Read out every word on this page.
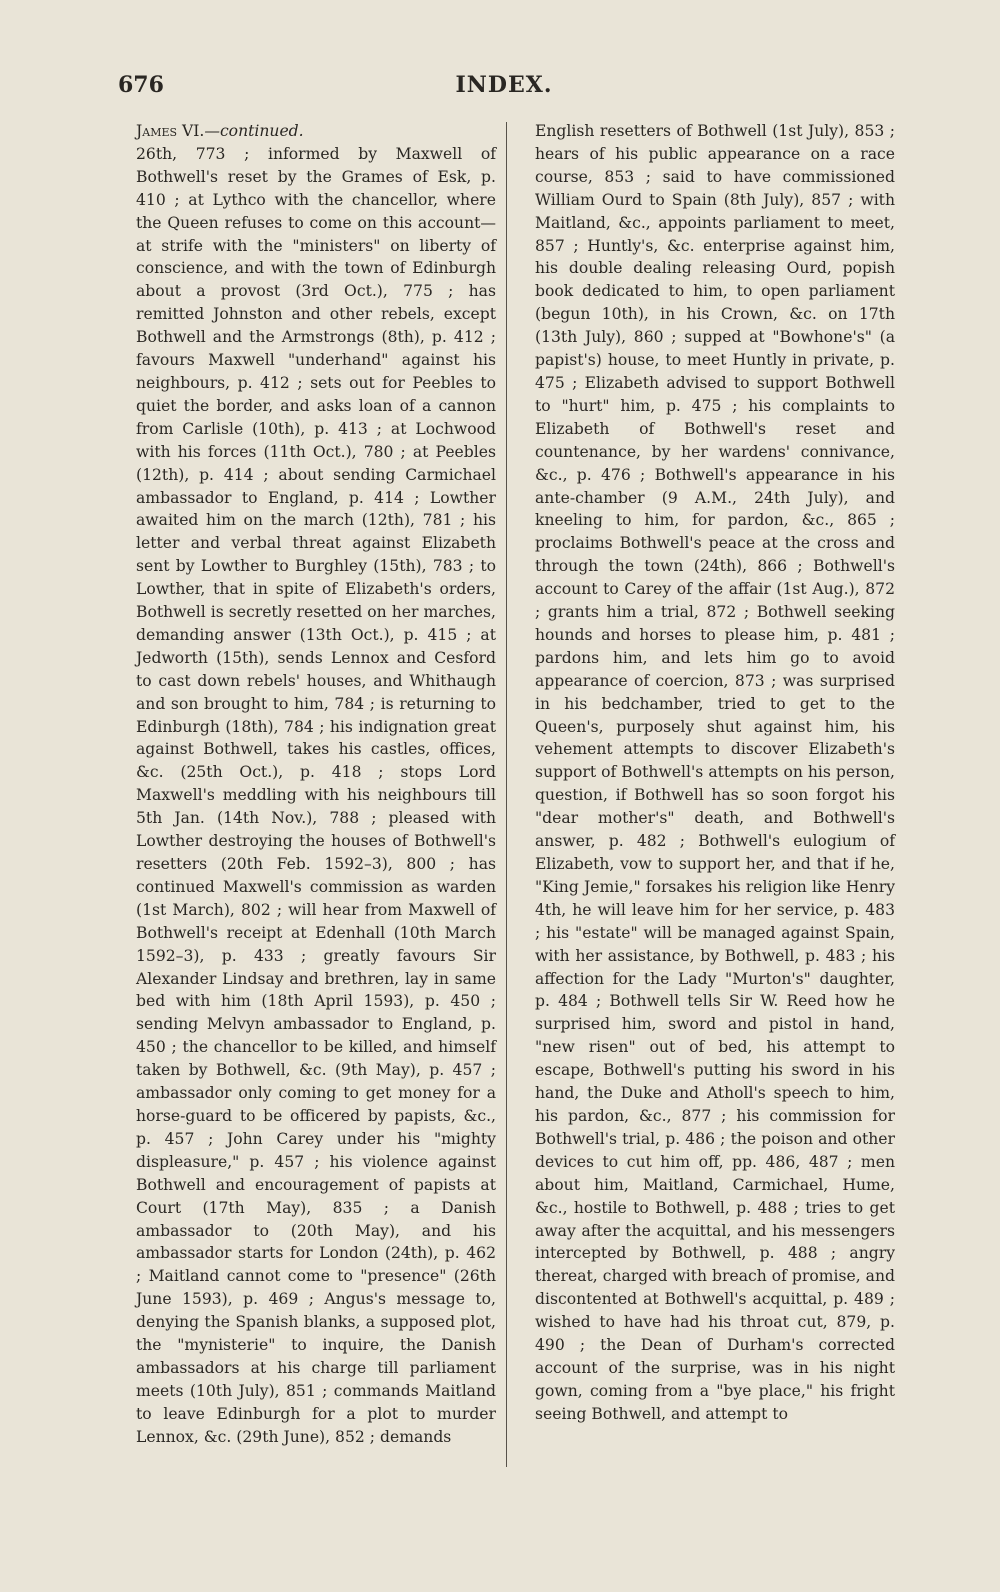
676	INDEX.

James VI.—continued.

26th, 773 ; informed by Maxwell of Bothwell's reset by the Grames of Esk, p. 410 ; at Lythco with the chancellor, where the Queen refuses to come on this account—at strife with the "ministers" on liberty of conscience, and with the town of Edinburgh about a provost (3rd Oct.), 775 ; has remitted Johnston and other rebels, except Bothwell and the Armstrongs (8th), p. 412 ; favours Maxwell "underhand" against his neighbours, p. 412 ; sets out for Peebles to quiet the border, and asks loan of a cannon from Carlisle (10th), p. 413 ; at Lochwood with his forces (11th Oct.), 780 ; at Peebles (12th), p. 414 ; about sending Carmichael ambassador to England, p. 414 ; Lowther awaited him on the march (12th), 781 ; his letter and verbal threat against Elizabeth sent by Lowther to Burghley (15th), 783 ; to Lowther, that in spite of Elizabeth's orders, Bothwell is secretly resetted on her marches, demanding answer (13th Oct.), p. 415 ; at Jedworth (15th), sends Lennox and Cesford to cast down rebels' houses, and Whithaugh and son brought to him, 784 ; is returning to Edinburgh (18th), 784 ; his indignation great against Bothwell, takes his castles, offices, &c. (25th Oct.), p. 418 ; stops Lord Maxwell's meddling with his neighbours till 5th Jan. (14th Nov.), 788 ; pleased with Lowther destroying the houses of Bothwell's resetters (20th Feb. 1592–3), 800 ; has continued Maxwell's commission as warden (1st March), 802 ; will hear from Maxwell of Bothwell's receipt at Edenhall (10th March 1592–3), p. 433 ; greatly favours Sir Alexander Lindsay and brethren, lay in same bed with him (18th April 1593), p. 450 ; sending Melvyn ambassador to England, p. 450 ; the chancellor to be killed, and himself taken by Bothwell, &c. (9th May), p. 457 ; ambassador only coming to get money for a horse-guard to be officered by papists, &c., p. 457 ; John Carey under his "mighty displeasure," p. 457 ; his violence against Bothwell and encouragement of papists at Court (17th May), 835 ; a Danish ambassador to (20th May), and his ambassador starts for London (24th), p. 462 ; Maitland cannot come to "presence" (26th June 1593), p. 469 ; Angus's message to, denying the Spanish blanks, a supposed plot, the "mynisterie" to inquire, the Danish ambassadors at his charge till parliament meets (10th July), 851 ; commands Maitland to leave Edinburgh for a plot to murder Lennox, &c. (29th June), 852 ; demands

English resetters of Bothwell (1st July), 853 ; hears of his public appearance on a race course, 853 ; said to have commissioned William Ourd to Spain (8th July), 857 ; with Maitland, &c., appoints parliament to meet, 857 ; Huntly's, &c. enterprise against him, his double dealing releasing Ourd, popish book dedicated to him, to open parliament (begun 10th), in his Crown, &c. on 17th (13th July), 860 ; supped at "Bowhone's" (a papist's) house, to meet Huntly in private, p. 475 ; Elizabeth advised to support Bothwell to "hurt" him, p. 475 ; his complaints to Elizabeth of Bothwell's reset and countenance, by her wardens' connivance, &c., p. 476 ; Bothwell's appearance in his ante-chamber (9 A.M., 24th July), and kneeling to him, for pardon, &c., 865 ; proclaims Bothwell's peace at the cross and through the town (24th), 866 ; Bothwell's account to Carey of the affair (1st Aug.), 872 ; grants him a trial, 872 ; Bothwell seeking hounds and horses to please him, p. 481 ; pardons him, and lets him go to avoid appearance of coercion, 873 ; was surprised in his bedchamber, tried to get to the Queen's, purposely shut against him, his vehement attempts to discover Elizabeth's support of Bothwell's attempts on his person, question, if Bothwell has so soon forgot his "dear mother's" death, and Bothwell's answer, p. 482 ; Bothwell's eulogium of Elizabeth, vow to support her, and that if he, "King Jemie," forsakes his religion like Henry 4th, he will leave him for her service, p. 483 ; his "estate" will be managed against Spain, with her assistance, by Bothwell, p. 483 ; his affection for the Lady "Murton's" daughter, p. 484 ; Bothwell tells Sir W. Reed how he surprised him, sword and pistol in hand, "new risen" out of bed, his attempt to escape, Bothwell's putting his sword in his hand, the Duke and Atholl's speech to him, his pardon, &c., 877 ; his commission for Bothwell's trial, p. 486 ; the poison and other devices to cut him off, pp. 486, 487 ; men about him, Maitland, Carmichael, Hume, &c., hostile to Bothwell, p. 488 ; tries to get away after the acquittal, and his messengers intercepted by Bothwell, p. 488 ; angry thereat, charged with breach of promise, and discontented at Bothwell's acquittal, p. 489 ; wished to have had his throat cut, 879, p. 490 ; the Dean of Durham's corrected account of the surprise, was in his night gown, coming from a "bye place," his fright seeing Bothwell, and attempt to
